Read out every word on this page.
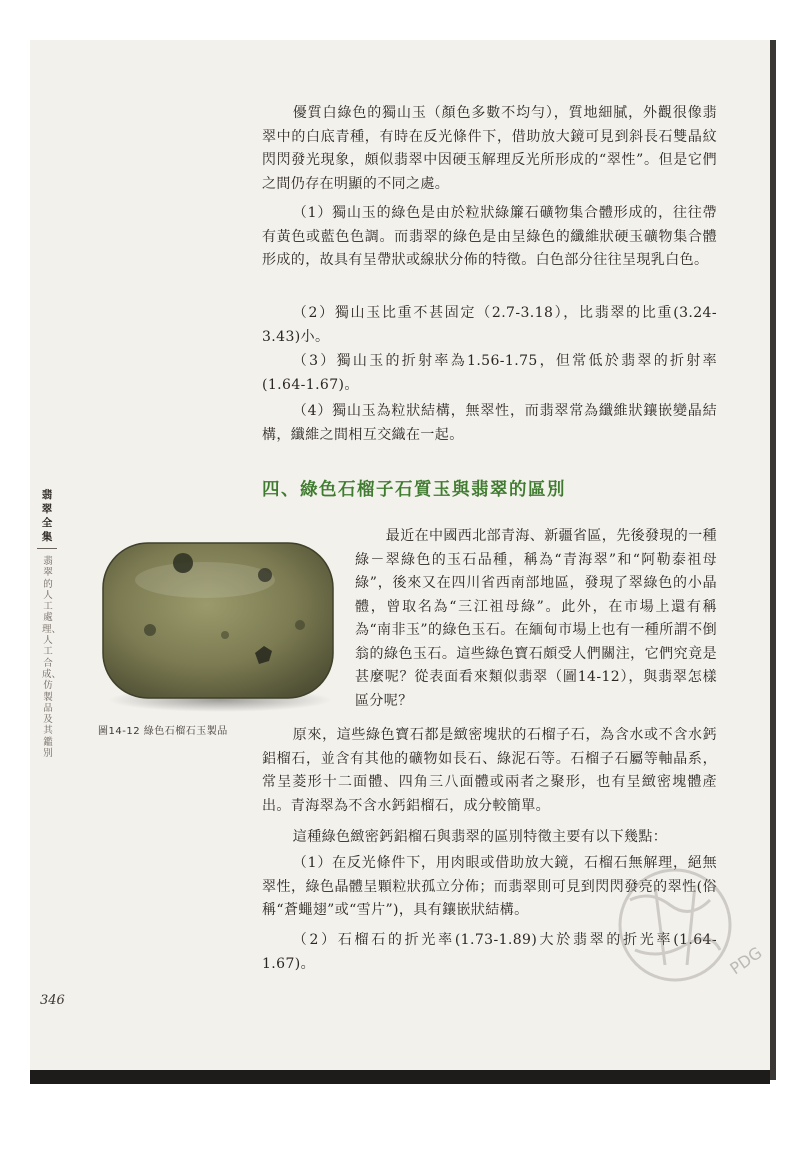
優質白綠色的獨山玉（顏色多數不均勻），質地細膩，外觀很像翡翠中的白底青種，有時在反光條件下，借助放大鏡可見到斜長石雙晶紋閃閃發光現象，頗似翡翠中因硬玉解理反光所形成的“翠性”。但是它們之間仍存在明顯的不同之處。

（1）獨山玉的綠色是由於粒狀綠簾石礦物集合體形成的，往往帶有黃色或藍色色調。而翡翠的綠色是由呈綠色的纖維狀硬玉礦物集合體形成的，故具有呈帶狀或線狀分佈的特徵。白色部分往往呈現乳白色。

（2）獨山玉比重不甚固定（2.7-3.18），比翡翠的比重(3.24-3.43)小。

（3）獨山玉的折射率為1.56-1.75，但常低於翡翠的折射率(1.64-1.67)。

（4）獨山玉為粒狀結構，無翠性，而翡翠常為纖維狀鑲嵌變晶結構，纖維之間相互交織在一起。

四、綠色石榴子石質玉與翡翠的區別
翡翠全集
翡翠的人工處理、人工合成、仿製品及其鑑別
圖14-12 綠色石榴石玉製品

最近在中國西北部青海、新疆省區，先後發現的一種綠－翠綠色的玉石品種，稱為“青海翠”和“阿勒泰祖母綠”，後來又在四川省西南部地區，發現了翠綠色的小晶體，曾取名為“三江祖母綠”。此外，在市場上還有稱為“南非玉”的綠色玉石。在緬甸市場上也有一種所謂不倒翁的綠色玉石。這些綠色寶石頗受人們關注，它們究竟是甚麼呢？從表面看來類似翡翠（圖14-12），與翡翠怎樣區分呢？

原來，這些綠色寶石都是緻密塊狀的石榴子石，為含水或不含水鈣鋁榴石，並含有其他的礦物如長石、綠泥石等。石榴子石屬等軸晶系，常呈菱形十二面體、四角三八面體或兩者之聚形，也有呈緻密塊體產出。青海翠為不含水鈣鋁榴石，成分較簡單。

這種綠色緻密鈣鋁榴石與翡翠的區別特徵主要有以下幾點：

（1）在反光條件下，用肉眼或借助放大鏡，石榴石無解理，絕無翠性，綠色晶體呈顆粒狀孤立分佈；而翡翠則可見到閃閃發亮的翠性(俗稱“蒼蠅翅”或“雪片”)，具有鑲嵌狀結構。

（2）石榴石的折光率(1.73-1.89)大於翡翠的折光率(1.64-1.67)。	PDG
346
